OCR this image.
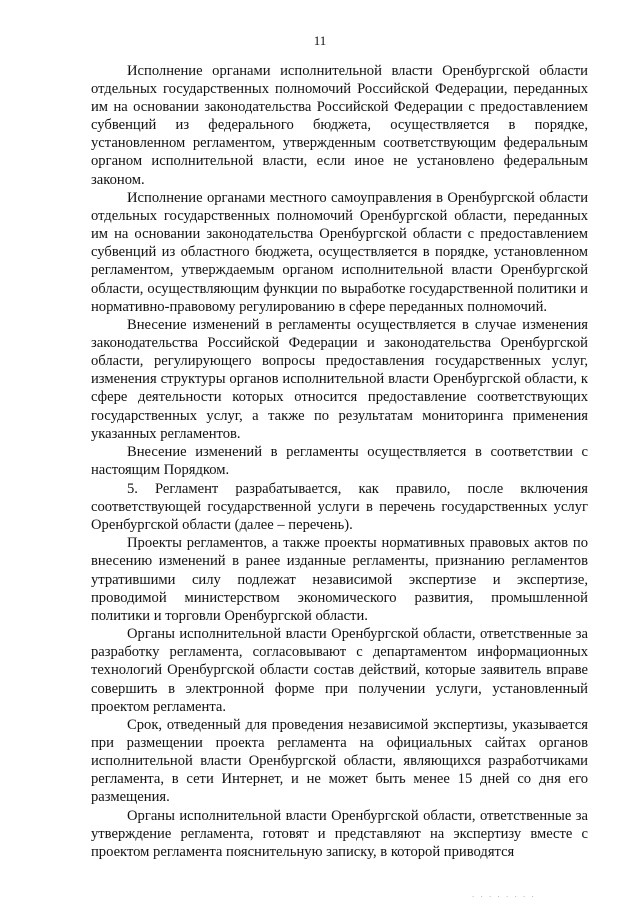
11

Исполнение органами исполнительной власти Оренбургской области отдельных государственных полномочий Российской Федерации, переданных им на основании законодательства Российской Федерации с предоставлением субвенций из федерального бюджета, осуществляется в порядке, установленном регламентом, утвержденным соответствующим федеральным органом исполнительной власти, если иное не установлено федеральным законом.

Исполнение органами местного самоуправления в Оренбургской области отдельных государственных полномочий Оренбургской области, переданных им на основании законодательства Оренбургской области с предоставлением субвенций из областного бюджета, осуществляется в порядке, установленном регламентом, утверждаемым органом исполнительной власти Оренбургской области, осуществляющим функции по выработке государственной политики и нормативно-правовому регулированию в сфере переданных полномочий.

Внесение изменений в регламенты осуществляется в случае изменения законодательства Российской Федерации и законодательства Оренбургской области, регулирующего вопросы предоставления государственных услуг, изменения структуры органов исполнительной власти Оренбургской области, к сфере деятельности которых относится предоставление соответствующих государственных услуг, а также по результатам мониторинга применения указанных регламентов.

Внесение изменений в регламенты осуществляется в соответствии с настоящим Порядком.

5. Регламент разрабатывается, как правило, после включения соответствующей государственной услуги в перечень государственных услуг Оренбургской области (далее – перечень).

Проекты регламентов, а также проекты нормативных правовых актов по внесению изменений в ранее изданные регламенты, признанию регламентов утратившими силу подлежат независимой экспертизе и экспертизе, проводимой министерством экономического развития, промышленной политики и торговли Оренбургской области.

Органы исполнительной власти Оренбургской области, ответственные за разработку регламента, согласовывают с департаментом информационных технологий Оренбургской области состав действий, которые заявитель вправе совершить в электронной форме при получении услуги, установленный проектом регламента.

Срок, отведенный для проведения независимой экспертизы, указывается при размещении проекта регламента на официальных сайтах органов исполнительной власти Оренбургской области, являющихся разработчиками регламента, в сети Интернет, и не может быть менее 15 дней со дня его размещения.

Органы исполнительной власти Оренбургской области, ответственные за утверждение регламента, готовят и представляют на экспертизу вместе с проектом регламента пояснительную записку, в которой приводятся

. . . . . . . .
